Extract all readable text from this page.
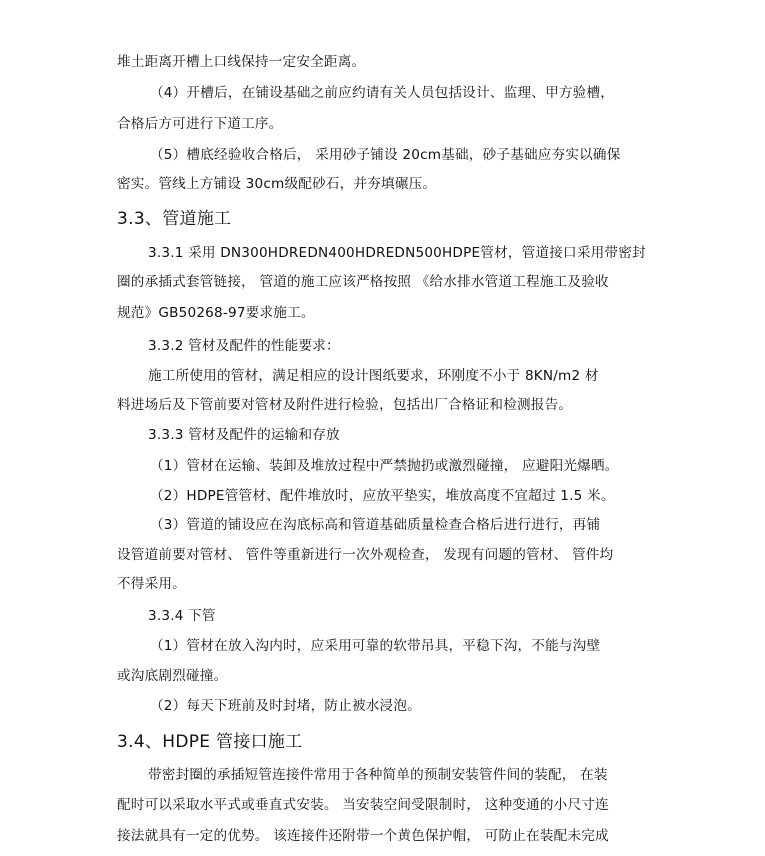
堆土距离开槽上口线保持一定安全距离。
（4）开槽后，在铺设基础之前应约请有关人员包括设计、监理、甲方验槽，
合格后方可进行下道工序。
（5）槽底经验收合格后， 采用砂子铺设 20cm基础，砂子基础应夯实以确保
密实。管线上方铺设 30cm级配砂石，并夯填碾压。
3.3、管道施工
3.3.1 采用 DN300HDREDN400HDREDN500HDPE管材，管道接口采用带密封
圈的承插式套管链接， 管道的施工应该严格按照 《给水排水管道工程施工及验收
规范》GB50268-97要求施工。
3.3.2 管材及配件的性能要求：
施工所使用的管材，满足相应的设计图纸要求，环刚度不小于 8KN/m2 材
料进场后及下管前要对管材及附件进行检验，包括出厂合格证和检测报告。
3.3.3 管材及配件的运输和存放
（1）管材在运输、装卸及堆放过程中严禁抛扔或激烈碰撞， 应避阳光爆晒。
（2）HDPE管管材、配件堆放时，应放平垫实，堆放高度不宜超过 1.5 米。
（3）管道的铺设应在沟底标高和管道基础质量检查合格后进行进行，再铺
设管道前要对管材、 管件等重新进行一次外观检查， 发现有问题的管材、 管件均
不得采用。
3.3.4 下管
（1）管材在放入沟内时，应采用可靠的软带吊具，平稳下沟，不能与沟壁
或沟底剧烈碰撞。
（2）每天下班前及时封堵，防止被水浸泡。
3.4、HDPE 管接口施工
带密封圈的承插短管连接件常用于各种简单的预制安装管件间的装配， 在装
配时可以采取水平式或垂直式安装。 当安装空间受限制时， 这种变通的小尺寸连
接法就具有一定的优势。 该连接件还附带一个黄色保护帽， 可防止在装配未完成
